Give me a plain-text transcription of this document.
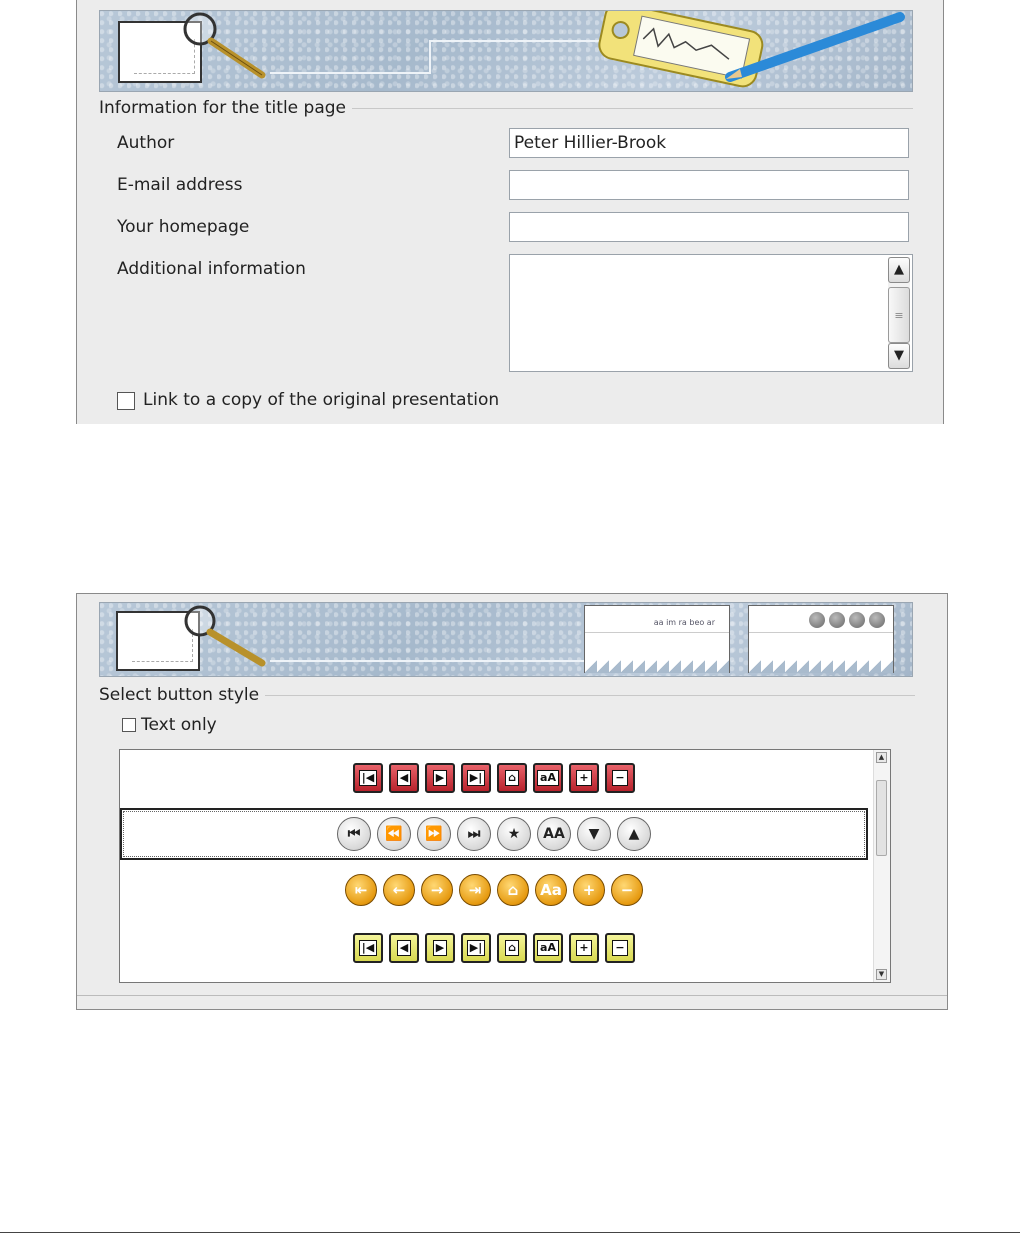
Information for the title page
Author
Peter Hillier-Brook
E-mail address
Your homepage
Additional information	▲
≡
▼
Link to a copy of the original presentation
aa im ra beo ar
Select button style
Text only
|◀ ◀	▶ ▶| ⌂ aA + −
⏮	⏪	⏩	⏭	★	AA	▼	▲
⇤	←	→	⇥	⌂	Aa	+	−
|◀ ◀	▶ ▶| ⌂ aA + −
▲
▼
